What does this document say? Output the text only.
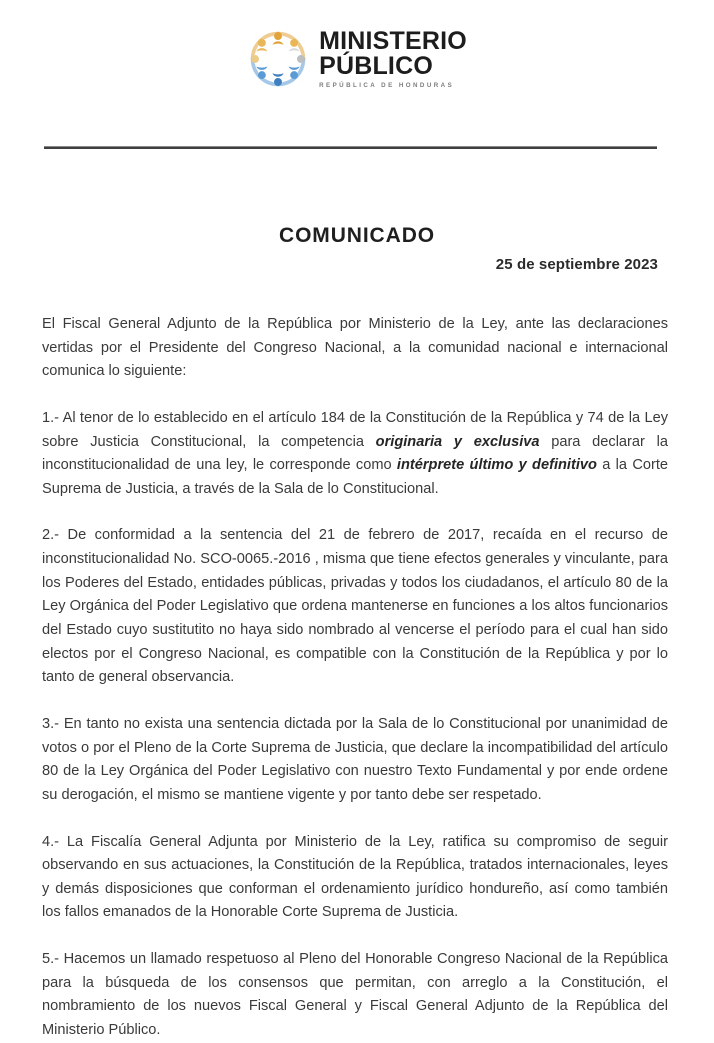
MINISTERIO
PÚBLICO
REPÚBLICA DE HONDURAS
COMUNICADO
25 de septiembre 2023

El Fiscal General Adjunto de la República por Ministerio de la Ley, ante las declaraciones vertidas por el Presidente del Congreso Nacional, a la comunidad nacional e internacional comunica lo siguiente:

1.- Al tenor de lo establecido en el artículo 184 de la Constitución de la República y 74 de la Ley sobre Justicia Constitucional, la competencia originaria y exclusiva para declarar la inconstitucionalidad de una ley, le corresponde como intérprete último y definitivo a la Corte Suprema de Justicia, a través de la Sala de lo Constitucional.

2.- De conformidad a la sentencia del 21 de febrero de 2017, recaída en el recurso de inconstitucionalidad No. SCO-0065.-2016 , misma que tiene efectos generales y vinculante, para los Poderes del Estado, entidades públicas, privadas y todos los ciudadanos, el artículo 80 de la Ley Orgánica del Poder Legislativo que ordena mantenerse en funciones a los altos funcionarios del Estado cuyo sustitutito no haya sido nombrado al vencerse el período para el cual han sido electos por el Congreso Nacional, es compatible con la Constitución de la República y por lo tanto de general observancia.

3.- En tanto no exista una sentencia dictada por la Sala de lo Constitucional por unanimidad de votos o por el Pleno de la Corte Suprema de Justicia, que declare la incompatibilidad del artículo 80 de la Ley Orgánica del Poder Legislativo con nuestro Texto Fundamental y por ende ordene su derogación, el mismo se mantiene vigente y por tanto debe ser respetado.

4.- La Fiscalía General Adjunta por Ministerio de la Ley, ratifica su compromiso de seguir observando en sus actuaciones, la Constitución de la República, tratados internacionales, leyes y demás disposiciones que conforman el ordenamiento jurídico hondureño, así como también los fallos emanados de la Honorable Corte Suprema de Justicia.

5.- Hacemos un llamado respetuoso al Pleno del Honorable Congreso Nacional de la República para la búsqueda de los consensos que permitan, con arreglo a la Constitución, el nombramiento de los nuevos Fiscal General y Fiscal General Adjunto de la República del Ministerio Público.
